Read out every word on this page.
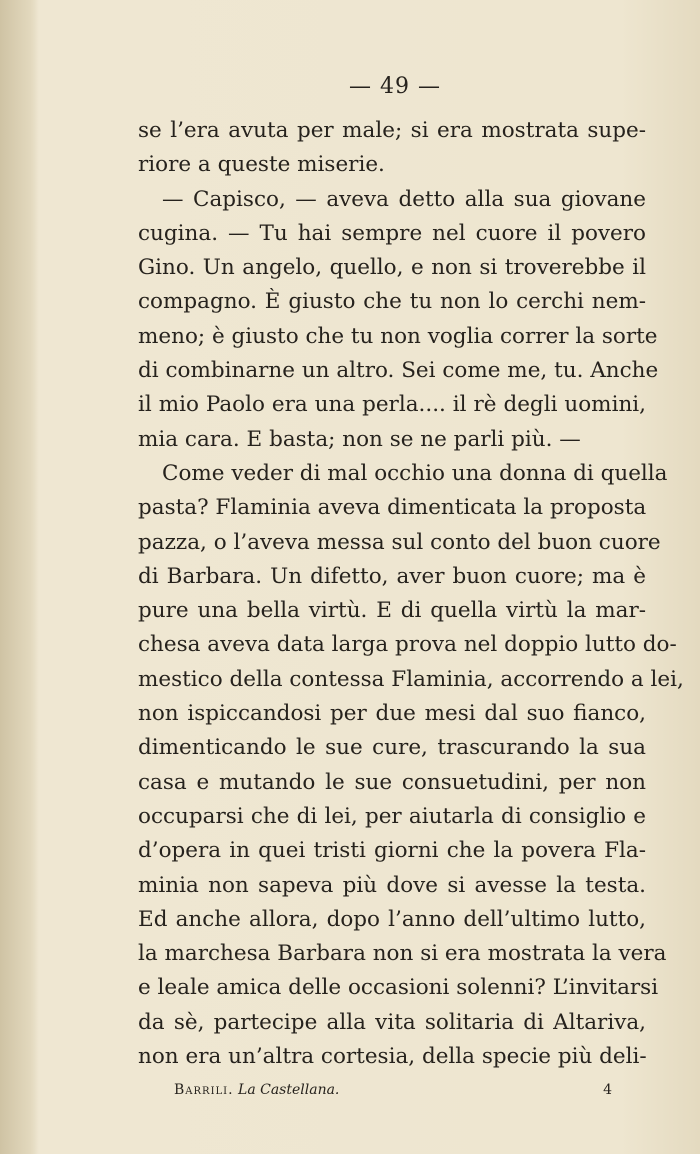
— 49 —
se l’era avuta per male; si era mostrata supe-
riore a queste miserie.
— Capisco, — aveva detto alla sua giovane
cugina. — Tu hai sempre nel cuore il povero
Gino. Un angelo, quello, e non si troverebbe il
compagno. È giusto che tu non lo cerchi nem-
meno; è giusto che tu non voglia correr la sorte
di combinarne un altro. Sei come me, tu. Anche
il mio Paolo era una perla.... il rè degli uomini,
mia cara. E basta; non se ne parli più. —
Come veder di mal occhio una donna di quella
pasta? Flaminia aveva dimenticata la proposta
pazza, o l’aveva messa sul conto del buon cuore
di Barbara. Un difetto, aver buon cuore; ma è
pure una bella virtù. E di quella virtù la mar-
chesa aveva data larga prova nel doppio lutto do-
mestico della contessa Flaminia, accorrendo a lei,
non ispiccandosi per due mesi dal suo fianco,
dimenticando le sue cure, trascurando la sua
casa e mutando le sue consuetudini, per non
occuparsi che di lei, per aiutarla di consiglio e
d’opera in quei tristi giorni che la povera Fla-
minia non sapeva più dove si avesse la testa.
Ed anche allora, dopo l’anno dell’ultimo lutto,
la marchesa Barbara non si era mostrata la vera
e leale amica delle occasioni solenni? L’invitarsi
da sè, partecipe alla vita solitaria di Altariva,
non era un’altra cortesia, della specie più deli-
Barrili. La Castellana.	4
